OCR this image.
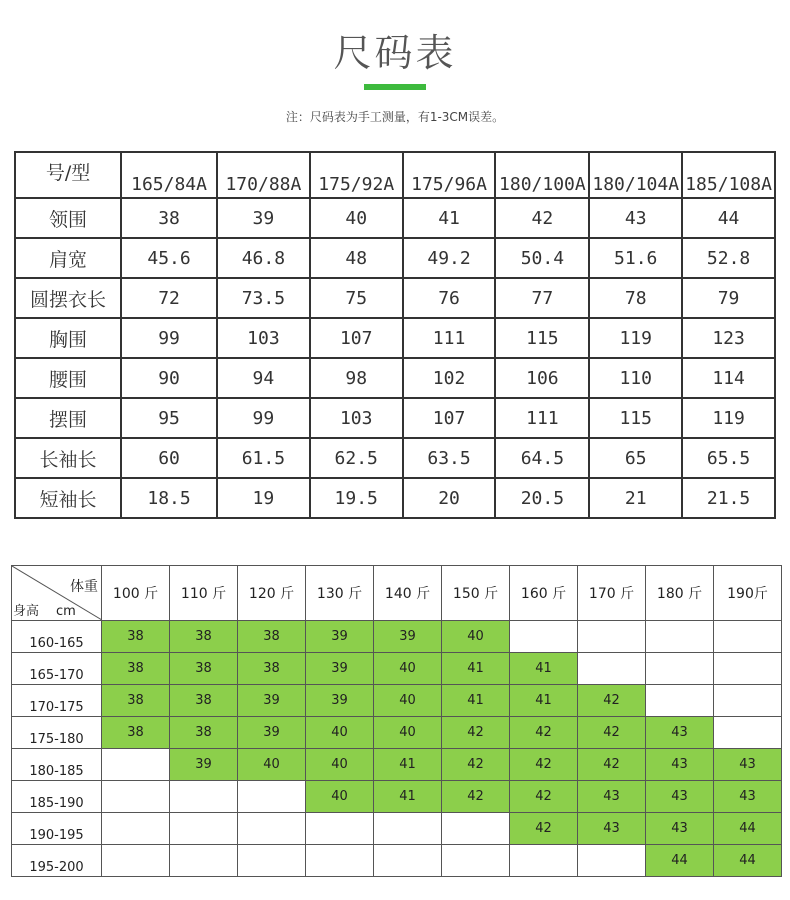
尺码表
注：尺码表为手工测量，有1-3CM误差。
号/型	165/84A	170/88A	175/92A	175/96A	180/100A	180/104A	185/108A
领围	38	39	40	41	42	43	44
肩宽	45.6	46.8	48	49.2	50.4	51.6	52.8
圆摆衣长	72	73.5	75	76	77	78	79
胸围	99	103	107	111	115	119	123
腰围	90	94	98	102	106	110	114
摆围	95	99	103	107	111	115	119
长袖长	60	61.5	62.5	63.5	64.5	65	65.5
短袖长	18.5	19	19.5	20	20.5	21	21.5
体重
身高 cm	100 斤	110 斤	120 斤	130 斤	140 斤	150 斤	160 斤	170 斤	180 斤	190斤
160-165	38	38	38	39	39	40				
165-170	38	38	38	39	40	41	41			
170-175	38	38	39	39	40	41	41	42		
175-180	38	38	39	40	40	42	42	42	43	
180-185		39	40	40	41	42	42	42	43	43
185-190				40	41	42	42	43	43	43
190-195							42	43	43	44
195-200									44	44
